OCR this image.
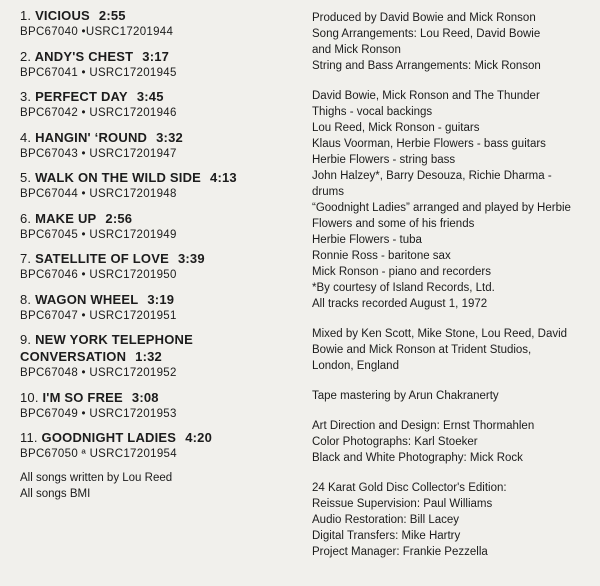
1. VICIOUS 2:55
BPC67040 •USRC17201944
2. ANDY'S CHEST 3:17
BPC67041 • USRC17201945
3. PERFECT DAY 3:45
BPC67042 • USRC17201946
4. HANGIN' ‘ROUND 3:32
BPC67043 • USRC17201947
5. WALK ON THE WILD SIDE 4:13
BPC67044 • USRC17201948
6. MAKE UP 2:56
BPC67045 • USRC17201949
7. SATELLITE OF LOVE 3:39
BPC67046 • USRC17201950
8. WAGON WHEEL 3:19
BPC67047 • USRC17201951
9. NEW YORK TELEPHONE
CONVERSATION 1:32
BPC67048 • USRC17201952
10. I'M SO FREE 3:08
BPC67049 • USRC17201953
11. GOODNIGHT LADIES 4:20
BPC67050 ª USRC17201954
All songs written by Lou Reed
All songs BMI
Produced by David Bowie and Mick Ronson
Song Arrangements: Lou Reed, David Bowie
and Mick Ronson
String and Bass Arrangements: Mick Ronson
David Bowie, Mick Ronson and The Thunder
Thighs - vocal backings
Lou Reed, Mick Ronson - guitars
Klaus Voorman, Herbie Flowers - bass guitars
Herbie Flowers - string bass
John Halzey*, Barry Desouza, Richie Dharma -
drums
“Goodnight Ladies” arranged and played by Herbie
Flowers and some of his friends
Herbie Flowers - tuba
Ronnie Ross - baritone sax
Mick Ronson - piano and recorders
*By courtesy of Island Records, Ltd.
All tracks recorded August 1, 1972
Mixed by Ken Scott, Mike Stone, Lou Reed, David
Bowie and Mick Ronson at Trident Studios,
London, England
Tape mastering by Arun Chakranerty
Art Direction and Design: Ernst Thormahlen
Color Photographs: Karl Stoeker
Black and White Photography: Mick Rock
24 Karat Gold Disc Collector's Edition:
Reissue Supervision: Paul Williams
Audio Restoration: Bill Lacey
Digital Transfers: Mike Hartry
Project Manager: Frankie Pezzella
